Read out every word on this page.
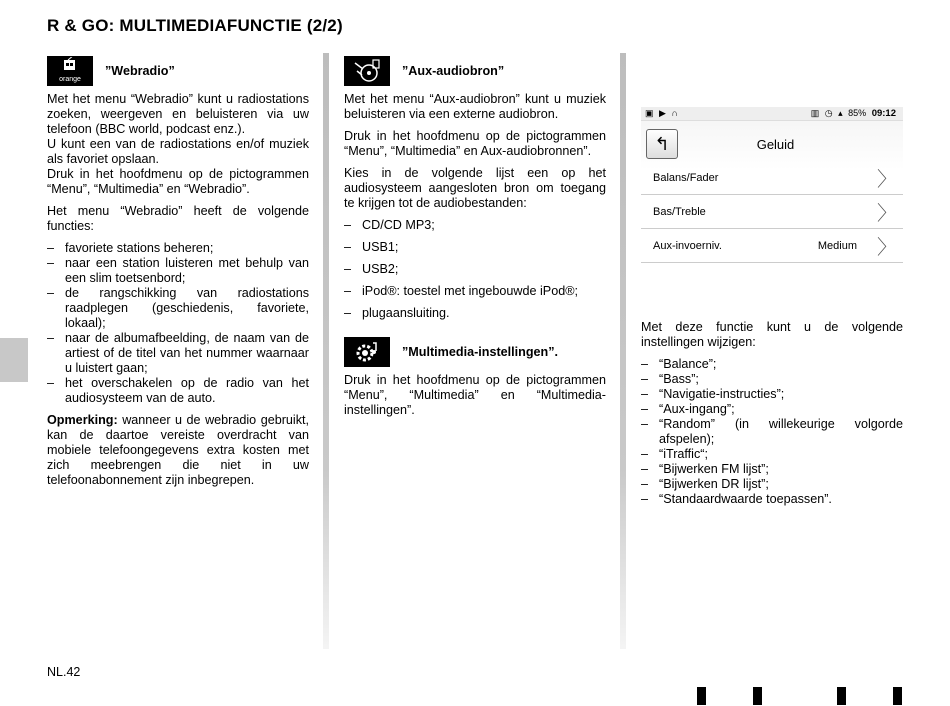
R & GO: MULTIMEDIAFUNCTIE (2/2)
orange
”Webradio”

Met het menu “Webradio” kunt u radiostations zoeken, weergeven en beluisteren via uw telefoon (BBC world, podcast enz.).

U kunt een van de radiostations en/of muziek als favoriet opslaan.

Druk in het hoofdmenu op de pictogrammen “Menu”, “Multimedia” en “Webradio”.

Het menu “Webradio” heeft de volgende functies:

– favoriete stations beheren;
– naar een station luisteren met behulp van een slim toetsenbord;
– de rangschikking van radiostations raadplegen (geschiedenis, favoriete, lokaal);
– naar de albumafbeelding, de naam van de artiest of de titel van het nummer waarnaar u luistert gaan;
– het overschakelen op de radio van het audiosysteem van de auto.

Opmerking: wanneer u de webradio gebruikt, kan de daartoe vereiste overdracht van mobiele telefoongegevens extra kosten met zich meebrengen die niet in uw telefoonabonnement zijn inbegrepen.

”Aux-audiobron”

Met het menu “Aux-audiobron” kunt u muziek beluisteren via een externe audiobron.

Druk in het hoofdmenu op de pictogrammen “Menu”, “Multimedia” en Aux-audiobronnen”.

Kies in de volgende lijst een op het audiosysteem aangesloten bron om toegang te krijgen tot de audiobestanden:

– CD/CD MP3;
– USB1;
– USB2;
– iPod®: toestel met ingebouwde iPod®;
– plugaansluiting.
”Multimedia-instellingen”.

Druk in het hoofdmenu op de pictogrammen “Menu”, “Multimedia” en “Multimedia-instellingen”.

▣ ▶ ∩	▥ ◷ ▴ 85% 09:12
↰	Geluid
Balans/Fader	〉
Bas/Treble	〉
Aux-invoerniv.	Medium 〉

Met deze functie kunt u de volgende instellingen wijzigen:

– “Balance”;
– “Bass”;
– “Navigatie-instructies”;
– “Aux-ingang”;
– “Random” (in willekeurige volgorde afspelen);
– “iTraffic“;
– “Bijwerken FM lijst”;
– “Bijwerken DR lijst”;
– “Standaardwaarde toepassen”.
NL.42
